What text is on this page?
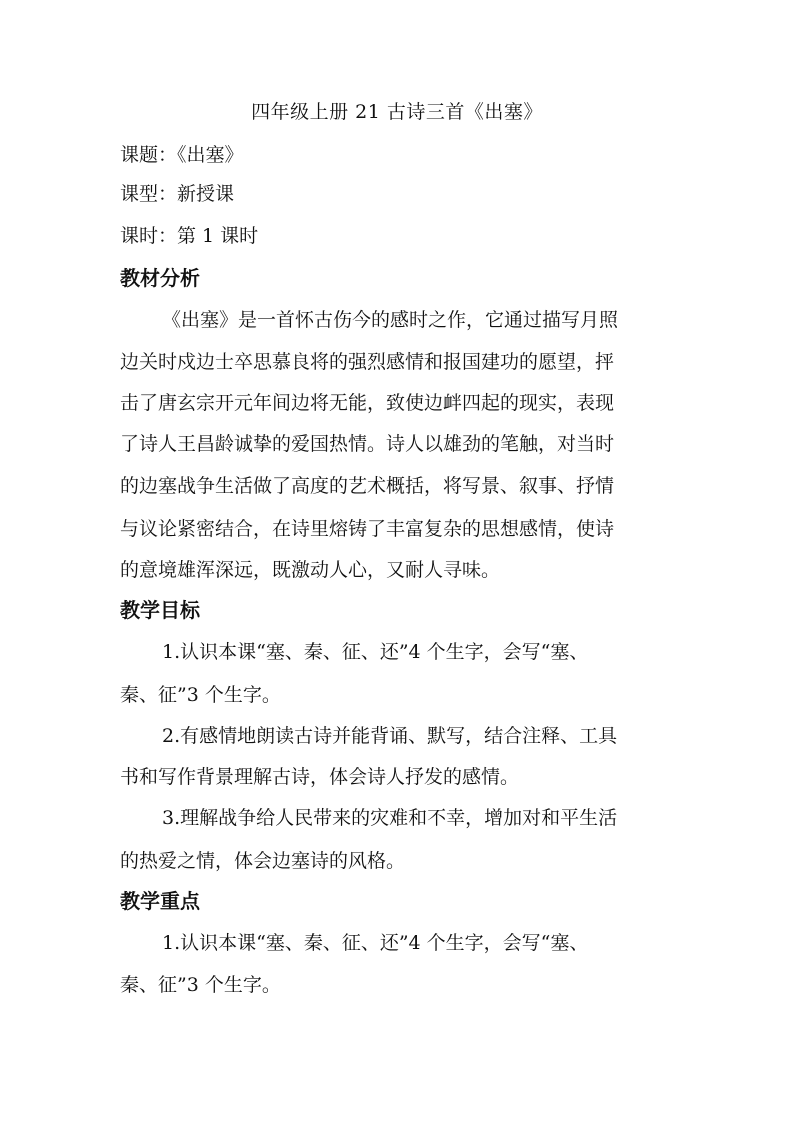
四年级上册 21 古诗三首《出塞》
课题：《出塞》
课型：新授课
课时：第 1 课时
教材分析
《出塞》是一首怀古伤今的感时之作，它通过描写月照
边关时戍边士卒思慕良将的强烈感情和报国建功的愿望，抨
击了唐玄宗开元年间边将无能，致使边衅四起的现实，表现
了诗人王昌龄诚挚的爱国热情。诗人以雄劲的笔触，对当时
的边塞战争生活做了高度的艺术概括，将写景、叙事、抒情
与议论紧密结合，在诗里熔铸了丰富复杂的思想感情，使诗
的意境雄浑深远，既激动人心，又耐人寻味。
教学目标
1.认识本课“塞、秦、征、还”4 个生字，会写“塞、
秦、征”3 个生字。
2.有感情地朗读古诗并能背诵、默写，结合注释、工具
书和写作背景理解古诗，体会诗人抒发的感情。
3.理解战争给人民带来的灾难和不幸，增加对和平生活
的热爱之情，体会边塞诗的风格。
教学重点
1.认识本课“塞、秦、征、还”4 个生字，会写“塞、
秦、征”3 个生字。
